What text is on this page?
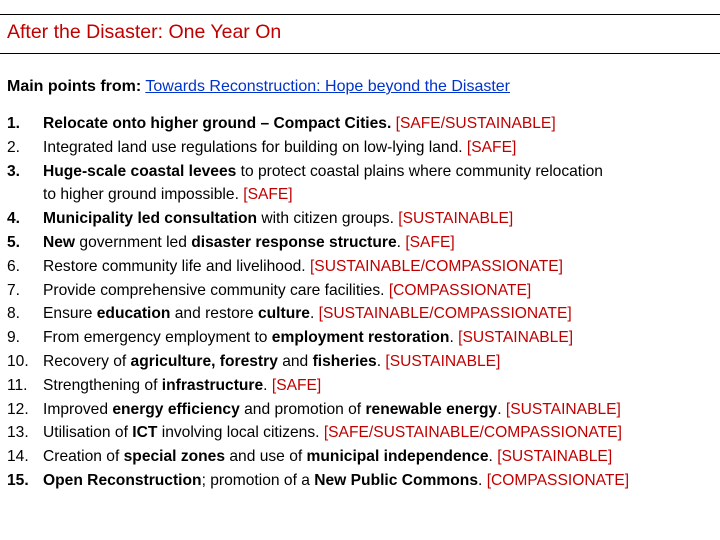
After the Disaster: One Year On
Main points from: Towards Reconstruction: Hope beyond the Disaster
1.	Relocate onto higher ground – Compact Cities. [SAFE/SUSTAINABLE]
2.	Integrated land use regulations for building on low-lying land. [SAFE]
3.	Huge-scale coastal levees to protect coastal plains where community relocation
to higher ground impossible. [SAFE]
4.	Municipality led consultation with citizen groups. [SUSTAINABLE]
5.	New government led disaster response structure. [SAFE]
6.	Restore community life and livelihood. [SUSTAINABLE/COMPASSIONATE]
7.	Provide comprehensive community care facilities. [COMPASSIONATE]
8.	Ensure education and restore culture. [SUSTAINABLE/COMPASSIONATE]
9.	From emergency employment to employment restoration. [SUSTAINABLE]
10. Recovery of agriculture, forestry and fisheries. [SUSTAINABLE]
11. Strengthening of infrastructure. [SAFE]
12. Improved energy efficiency and promotion of renewable energy. [SUSTAINABLE]
13. Utilisation of ICT involving local citizens. [SAFE/SUSTAINABLE/COMPASSIONATE]
14. Creation of special zones and use of municipal independence. [SUSTAINABLE]
15. Open Reconstruction; promotion of a New Public Commons. [COMPASSIONATE]
